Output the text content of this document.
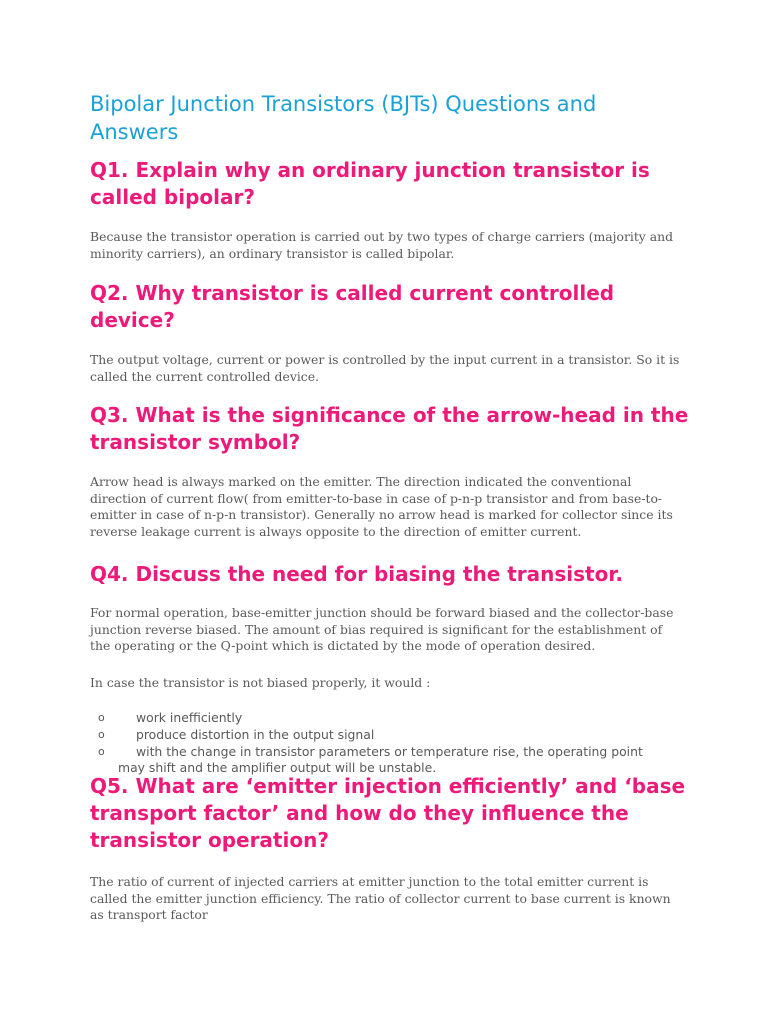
Bipolar Junction Transistors (BJTs) Questions and Answers
Q1. Explain why an ordinary junction transistor is called bipolar?

Because the transistor operation is carried out by two types of charge carriers (majority and minority carriers), an ordinary transistor is called bipolar.

Q2. Why transistor is called current controlled device?

The output voltage, current or power is controlled by the input current in a transistor. So it is called the current controlled device.

Q3. What is the significance of the arrow-head in the transistor symbol?

Arrow head is always marked on the emitter. The direction indicated the conventional direction of current flow( from emitter-to-base in case of p-n-p transistor and from base-to-emitter in case of n-p-n transistor). Generally no arrow head is marked for collector since its reverse leakage current is always opposite to the direction of emitter current.

Q4. Discuss the need for biasing the transistor.

For normal operation, base-emitter junction should be forward biased and the collector-base junction reverse biased. The amount of bias required is significant for the establishment of the operating or the Q-point which is dictated by the mode of operation desired.

In case the transistor is not biased properly, it would :

o	work inefficiently
o	produce distortion in the output signal
o	with the change in transistor parameters or temperature rise, the operating point
may shift and the amplifier output will be unstable.
Q5. What are ‘emitter injection efficiently’ and ‘base transport factor’ and how do they influence the transistor operation?

The ratio of current of injected carriers at emitter junction to the total emitter current is called the emitter junction efficiency. The ratio of collector current to base current is known as transport factor
